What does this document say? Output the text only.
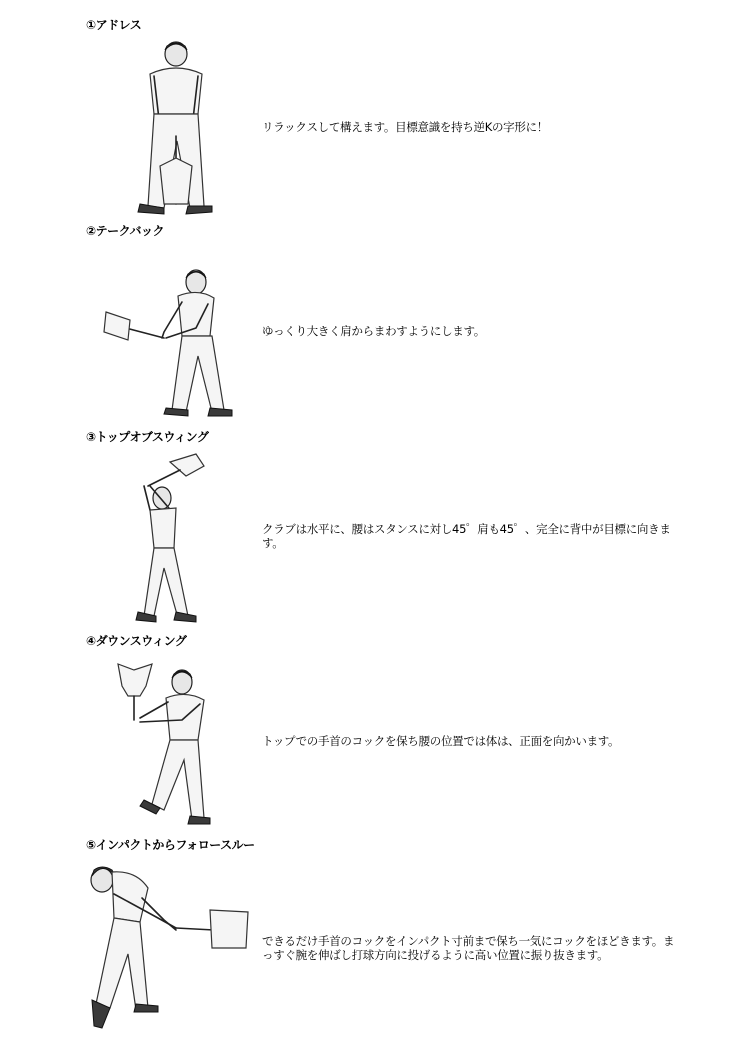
①アドレス
リラックスして構えます。目標意識を持ち逆Kの字形に！
②テークバック
ゆっくり大きく肩からまわすようにします。
③トップオブスウィング
クラブは水平に、腰はスタンスに対し45゜肩も45゜、完全に背中が目標に向きます。
④ダウンスウィング
トップでの手首のコックを保ち腰の位置では体は、正面を向かいます。
⑤インパクトからフォロースルー
できるだけ手首のコックをインパクト寸前まで保ち一気にコックをほどきます。まっすぐ腕を伸ばし打球方向に投げるように高い位置に振り抜きます。
